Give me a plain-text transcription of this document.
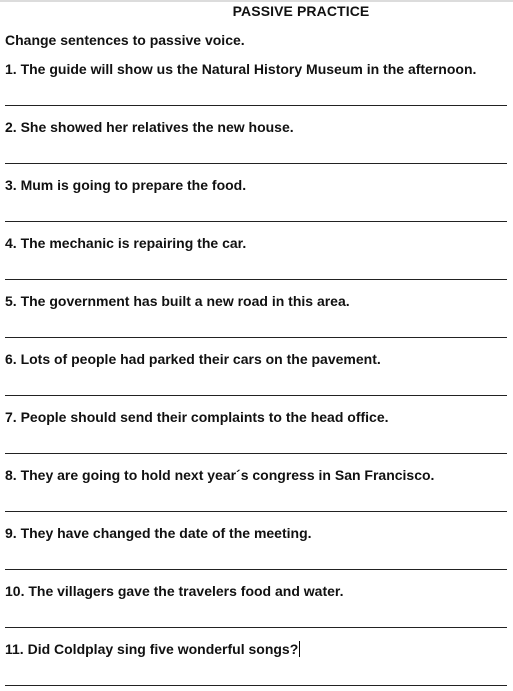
PASSIVE PRACTICE
Change sentences to passive voice.
1. The guide will show us the Natural History Museum in the afternoon.
2. She showed her relatives the new house.
3. Mum is going to prepare the food.
4. The mechanic is repairing the car.
5. The government has built a new road in this area.
6. Lots of people had parked their cars on the pavement.
7. People should send their complaints to the head office.
8. They are going to hold next year´s congress in San Francisco.
9. They have changed the date of the meeting.
10. The villagers gave the travelers food and water.
11. Did Coldplay sing five wonderful songs?
